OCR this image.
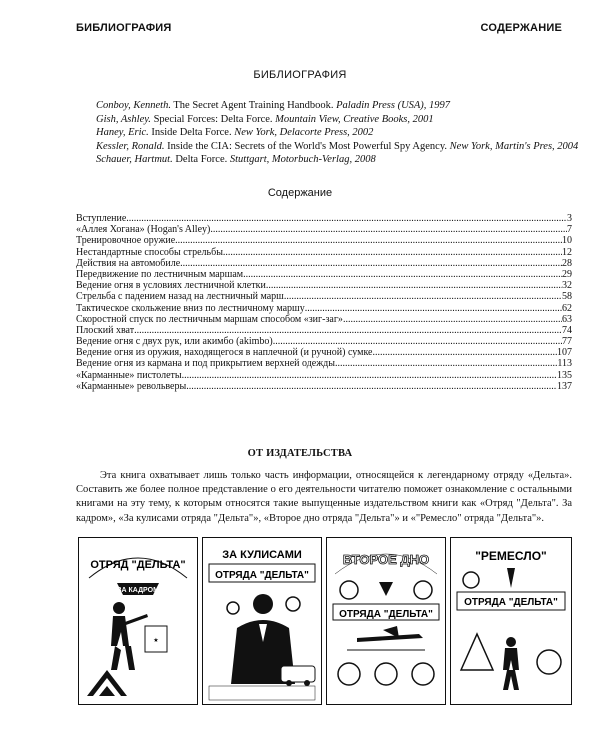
БИБЛИОГРАФИЯ	СОДЕРЖАНИЕ
БИБЛИОГРАФИЯ
Conboy, Kenneth. The Secret Agent Training Handbook. Paladin Press (USA), 1997
Gish, Ashley. Special Forces: Delta Force. Mountain View, Creative Books, 2001
Haney, Eric. Inside Delta Force. New York, Delacorte Press, 2002
Kessler, Ronald. Inside the CIA: Secrets of the World's Most Powerful Spy Agency. New York, Martin's Pres, 2004
Schauer, Hartmut. Delta Force. Stuttgart, Motorbuch-Verlag, 2008
Содержание
Вступление .....	3
«Аллея Хогана» (Hogan's Alley) .....	7
Тренировочное оружие .....	10
Нестандартные способы стрельбы .....	12
Действия на автомобиле .....	28
Передвижение по лестничным маршам .....	29
Ведение огня в условиях лестничной клетки .....	32
Стрельба с падением назад на лестничный марш .....	58
Тактическое скольжение вниз по лестничному маршу .....	62
Скоростной спуск по лестничным маршам способом «зиг-заг» .....	63
Плоский хват .....	74
Ведение огня с двух рук, или акимбо (akimbo) .....	77
Ведение огня из оружия, находящегося в наплечной (и ручной) сумке .....	107
Ведение огня из кармана и под прикрытием верхней одежды .....	113
«Карманные» пистолеты .....	135
«Карманные» револьверы .....	137
ОТ ИЗДАТЕЛЬСТВА
Эта книга охватывает лишь только часть информации, относящейся к легендарному отряду «Дельта». Составить же более полное представление о его деятельности читателю поможет ознакомление с остальными книгами на эту тему, к которым относятся такие выпущенные издательством книги как «Отряд "Дельта". За кадром», «За кулисами отряда "Дельта"», «Второе дно отряда "Дельта"» и «"Ремесло" отряда "Дельта"».
ОТРЯД "ДЕЛЬТА"
ЗА КАДРОМ
★
ЗА КУЛИСАМИ
ОТРЯДА "ДЕЛЬТА"
ВТОРОЕ ДНО
ОТРЯДА "ДЕЛЬТА"
"РЕМЕСЛО"
ОТРЯДА "ДЕЛЬТА"
